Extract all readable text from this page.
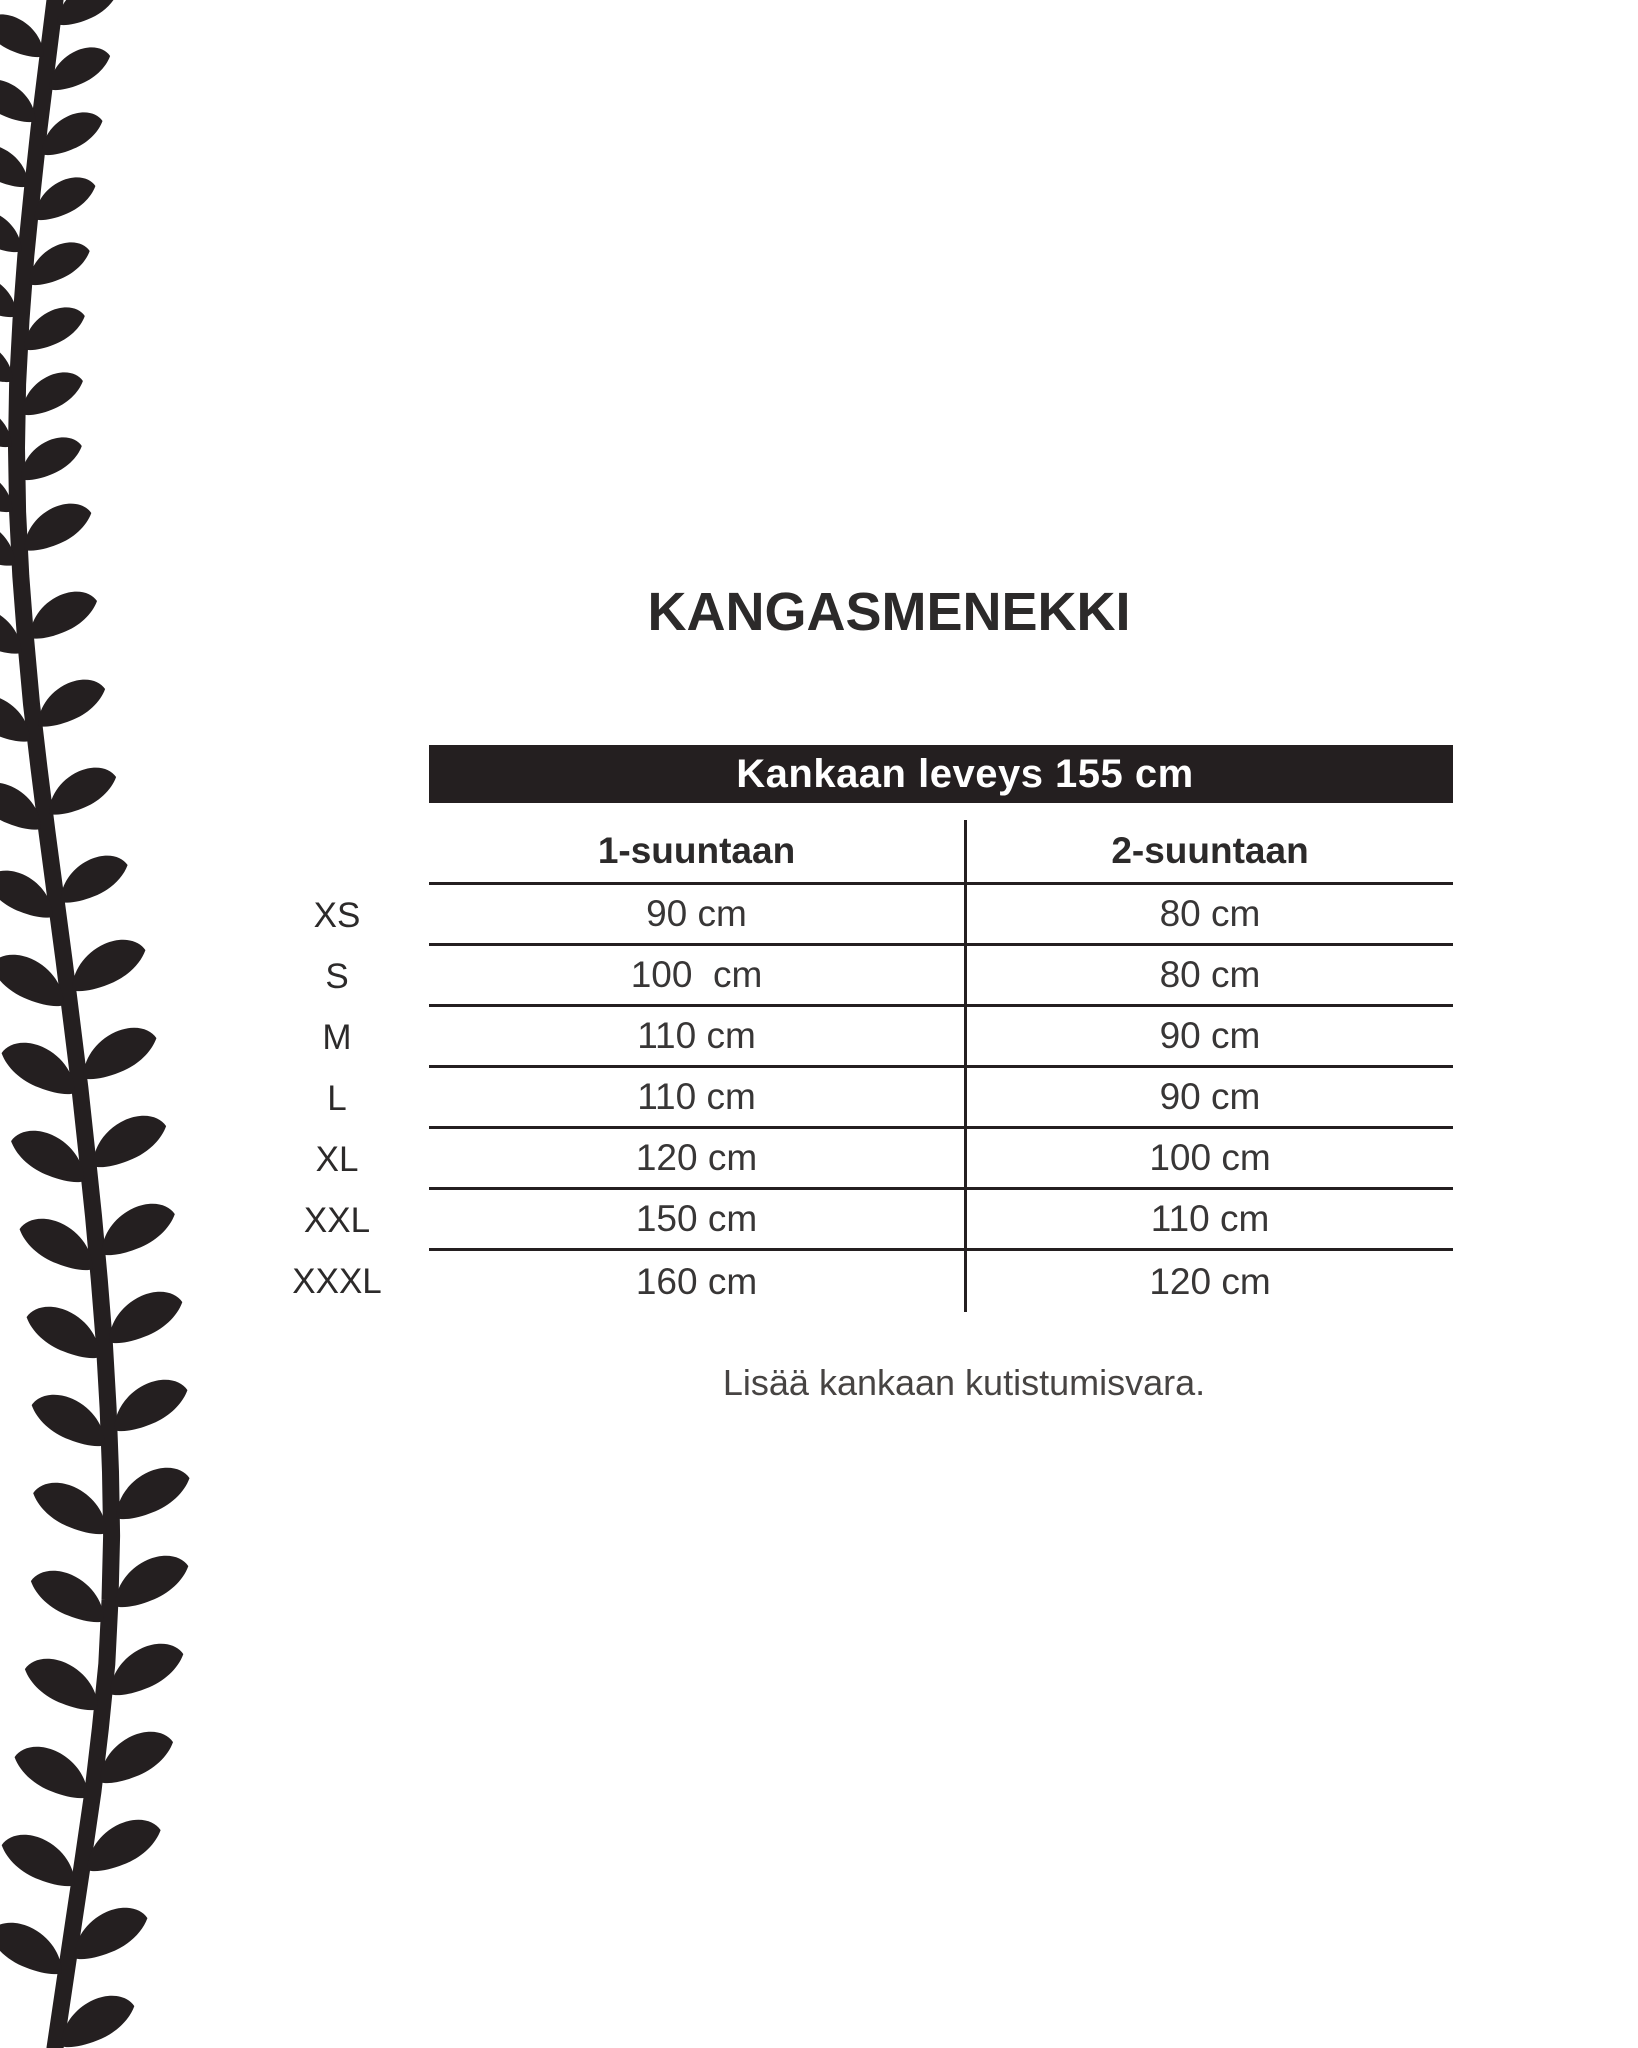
KANGASMENEKKI
Kankaan leveys 155 cm
1-suuntaan	2-suuntaan
XS	90 cm	80 cm
S	100  cm	80 cm
M	110 cm	90 cm
L	110 cm	90 cm
XL	120 cm	100 cm
XXL	150 cm	110 cm
XXXL	160 cm	120 cm
Lisää kankaan kutistumisvara.
